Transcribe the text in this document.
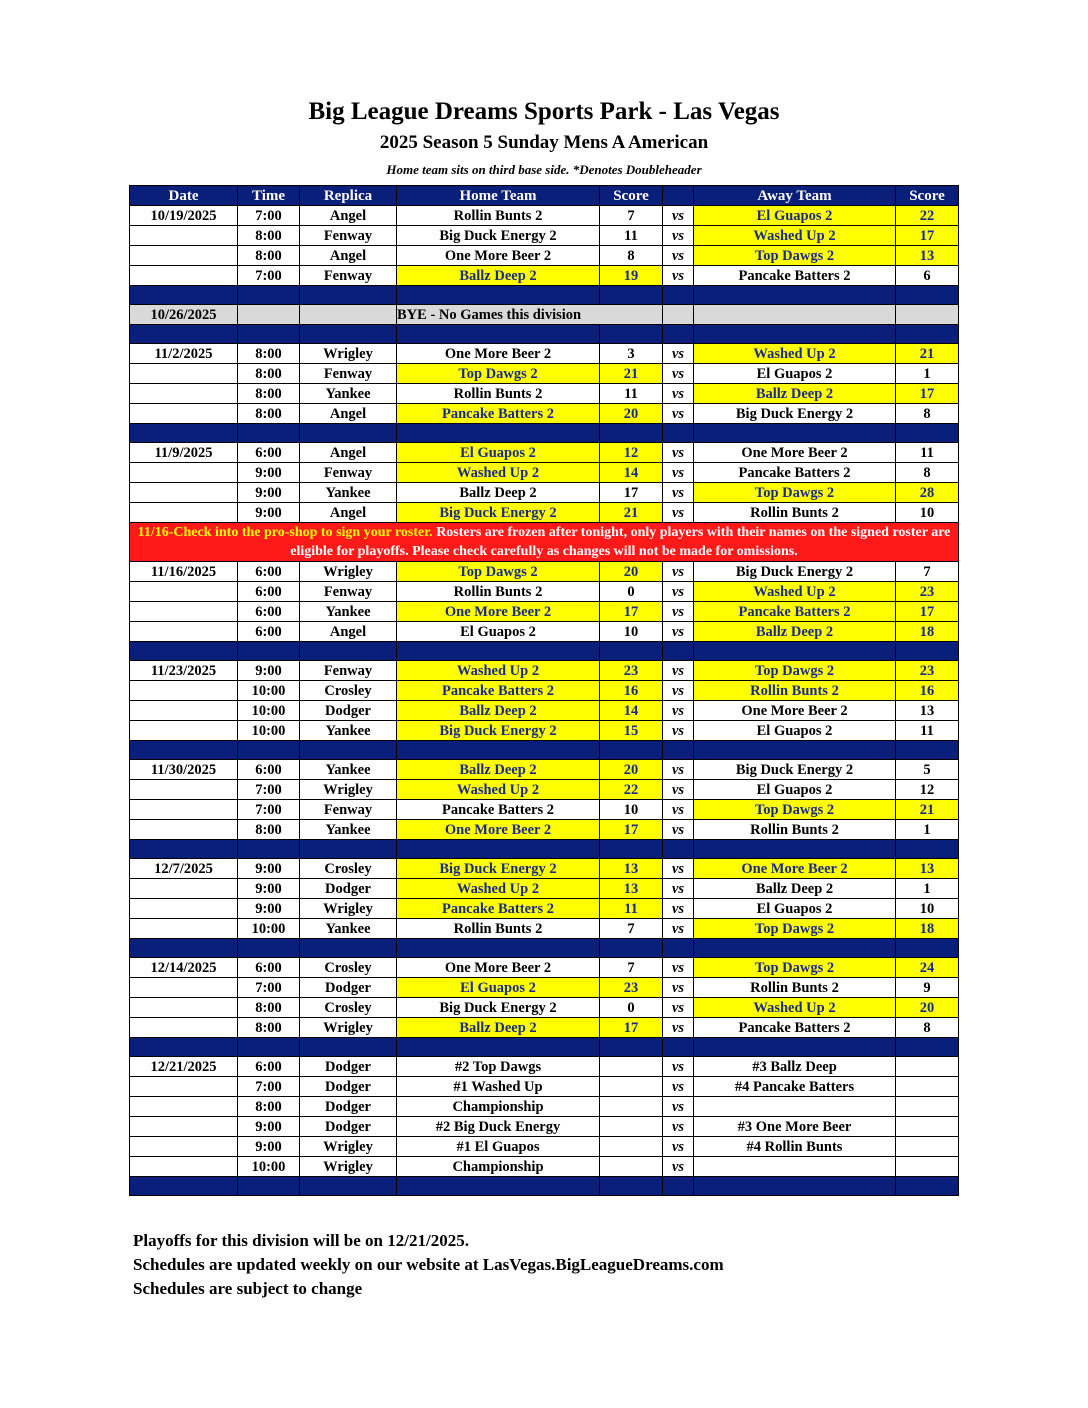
Big League Dreams Sports Park - Las Vegas
2025 Season 5 Sunday Mens A American
Home team sits on third base side. *Denotes Doubleheader
Date	Time	Replica	Home Team	Score		Away Team	Score
10/19/2025	7:00	Angel	Rollin Bunts 2	7	vs	El Guapos 2	22
	8:00	Fenway	Big Duck Energy 2	11	vs	Washed Up 2	17
	8:00	Angel	One More Beer 2	8	vs	Top Dawgs 2	13
	7:00	Fenway	Ballz Deep 2	19	vs	Pancake Batters 2	6

10/26/2025			BYE - No Games this division				

11/2/2025	8:00	Wrigley	One More Beer 2	3	vs	Washed Up 2	21
	8:00	Fenway	Top Dawgs 2	21	vs	El Guapos 2	1
	8:00	Yankee	Rollin Bunts 2	11	vs	Ballz Deep 2	17
	8:00	Angel	Pancake Batters 2	20	vs	Big Duck Energy 2	8

11/9/2025	6:00	Angel	El Guapos 2	12	vs	One More Beer 2	11
	9:00	Fenway	Washed Up 2	14	vs	Pancake Batters 2	8
	9:00	Yankee	Ballz Deep 2	17	vs	Top Dawgs 2	28
	9:00	Angel	Big Duck Energy 2	21	vs	Rollin Bunts 2	10
11/16-Check into the pro-shop to sign your roster. Rosters are frozen after tonight, only players with their names on the signed roster are eligible for playoffs. Please check carefully as changes will not be made for omissions.							
11/16/2025	6:00	Wrigley	Top Dawgs 2	20	vs	Big Duck Energy 2	7
	6:00	Fenway	Rollin Bunts 2	0	vs	Washed Up 2	23
	6:00	Yankee	One More Beer 2	17	vs	Pancake Batters 2	17
	6:00	Angel	El Guapos 2	10	vs	Ballz Deep 2	18

11/23/2025	9:00	Fenway	Washed Up 2	23	vs	Top Dawgs 2	23
	10:00	Crosley	Pancake Batters 2	16	vs	Rollin Bunts 2	16
	10:00	Dodger	Ballz Deep 2	14	vs	One More Beer 2	13
	10:00	Yankee	Big Duck Energy 2	15	vs	El Guapos 2	11

11/30/2025	6:00	Yankee	Ballz Deep 2	20	vs	Big Duck Energy 2	5
	7:00	Wrigley	Washed Up 2	22	vs	El Guapos 2	12
	7:00	Fenway	Pancake Batters 2	10	vs	Top Dawgs 2	21
	8:00	Yankee	One More Beer 2	17	vs	Rollin Bunts 2	1

12/7/2025	9:00	Crosley	Big Duck Energy 2	13	vs	One More Beer 2	13
	9:00	Dodger	Washed Up 2	13	vs	Ballz Deep 2	1
	9:00	Wrigley	Pancake Batters 2	11	vs	El Guapos 2	10
	10:00	Yankee	Rollin Bunts 2	7	vs	Top Dawgs 2	18

12/14/2025	6:00	Crosley	One More Beer 2	7	vs	Top Dawgs 2	24
	7:00	Dodger	El Guapos 2	23	vs	Rollin Bunts 2	9
	8:00	Crosley	Big Duck Energy 2	0	vs	Washed Up 2	20
	8:00	Wrigley	Ballz Deep 2	17	vs	Pancake Batters 2	8

12/21/2025	6:00	Dodger	#2 Top Dawgs		vs	#3 Ballz Deep	
	7:00	Dodger	#1 Washed Up		vs	#4 Pancake Batters	
	8:00	Dodger	Championship		vs		
	9:00	Dodger	#2 Big Duck Energy		vs	#3 One More Beer	
	9:00	Wrigley	#1 El Guapos		vs	#4 Rollin Bunts	
	10:00	Wrigley	Championship		vs		

Playoffs for this division will be on 12/21/2025.
Schedules are updated weekly on our website at LasVegas.BigLeagueDreams.com
Schedules are subject to change
